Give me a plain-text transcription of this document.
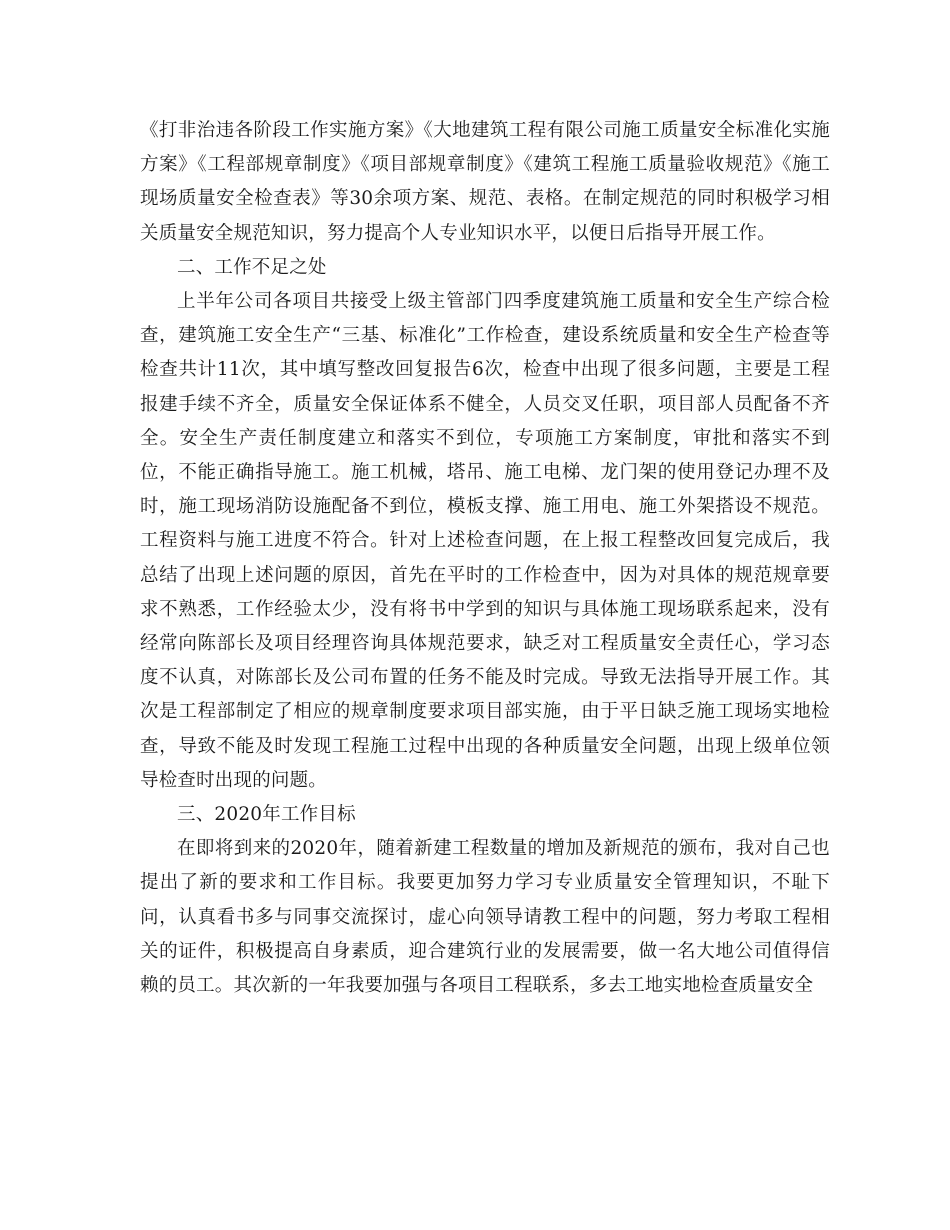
《打非治违各阶段工作实施方案》《大地建筑工程有限公司施工质量安全标准化实施方案》《工程部规章制度》《项目部规章制度》《建筑工程施工质量验收规范》《施工现场质量安全检查表》等30余项方案、规范、表格。在制定规范的同时积极学习相关质量安全规范知识，努力提高个人专业知识水平，以便日后指导开展工作。

二、工作不足之处

上半年公司各项目共接受上级主管部门四季度建筑施工质量和安全生产综合检查，建筑施工安全生产“三基、标准化”工作检查，建设系统质量和安全生产检查等检查共计11次，其中填写整改回复报告6次，检查中出现了很多问题，主要是工程报建手续不齐全，质量安全保证体系不健全，人员交叉任职，项目部人员配备不齐全。安全生产责任制度建立和落实不到位，专项施工方案制度，审批和落实不到位，不能正确指导施工。施工机械，塔吊、施工电梯、龙门架的使用登记办理不及时，施工现场消防设施配备不到位，模板支撑、施工用电、施工外架搭设不规范。工程资料与施工进度不符合。针对上述检查问题，在上报工程整改回复完成后，我总结了出现上述问题的原因，首先在平时的工作检查中，因为对具体的规范规章要求不熟悉，工作经验太少，没有将书中学到的知识与具体施工现场联系起来，没有经常向陈部长及项目经理咨询具体规范要求，缺乏对工程质量安全责任心，学习态度不认真，对陈部长及公司布置的任务不能及时完成。导致无法指导开展工作。其次是工程部制定了相应的规章制度要求项目部实施，由于平日缺乏施工现场实地检查，导致不能及时发现工程施工过程中出现的各种质量安全问题，出现上级单位领导检查时出现的问题。

三、2020年工作目标

在即将到来的2020年，随着新建工程数量的增加及新规范的颁布，我对自己也提出了新的要求和工作目标。我要更加努力学习专业质量安全管理知识，不耻下问，认真看书多与同事交流探讨，虚心向领导请教工程中的问题，努力考取工程相关的证件，积极提高自身素质，迎合建筑行业的发展需要，做一名大地公司值得信赖的员工。其次新的一年我要加强与各项目工程联系，多去工地实地检查质量安全
